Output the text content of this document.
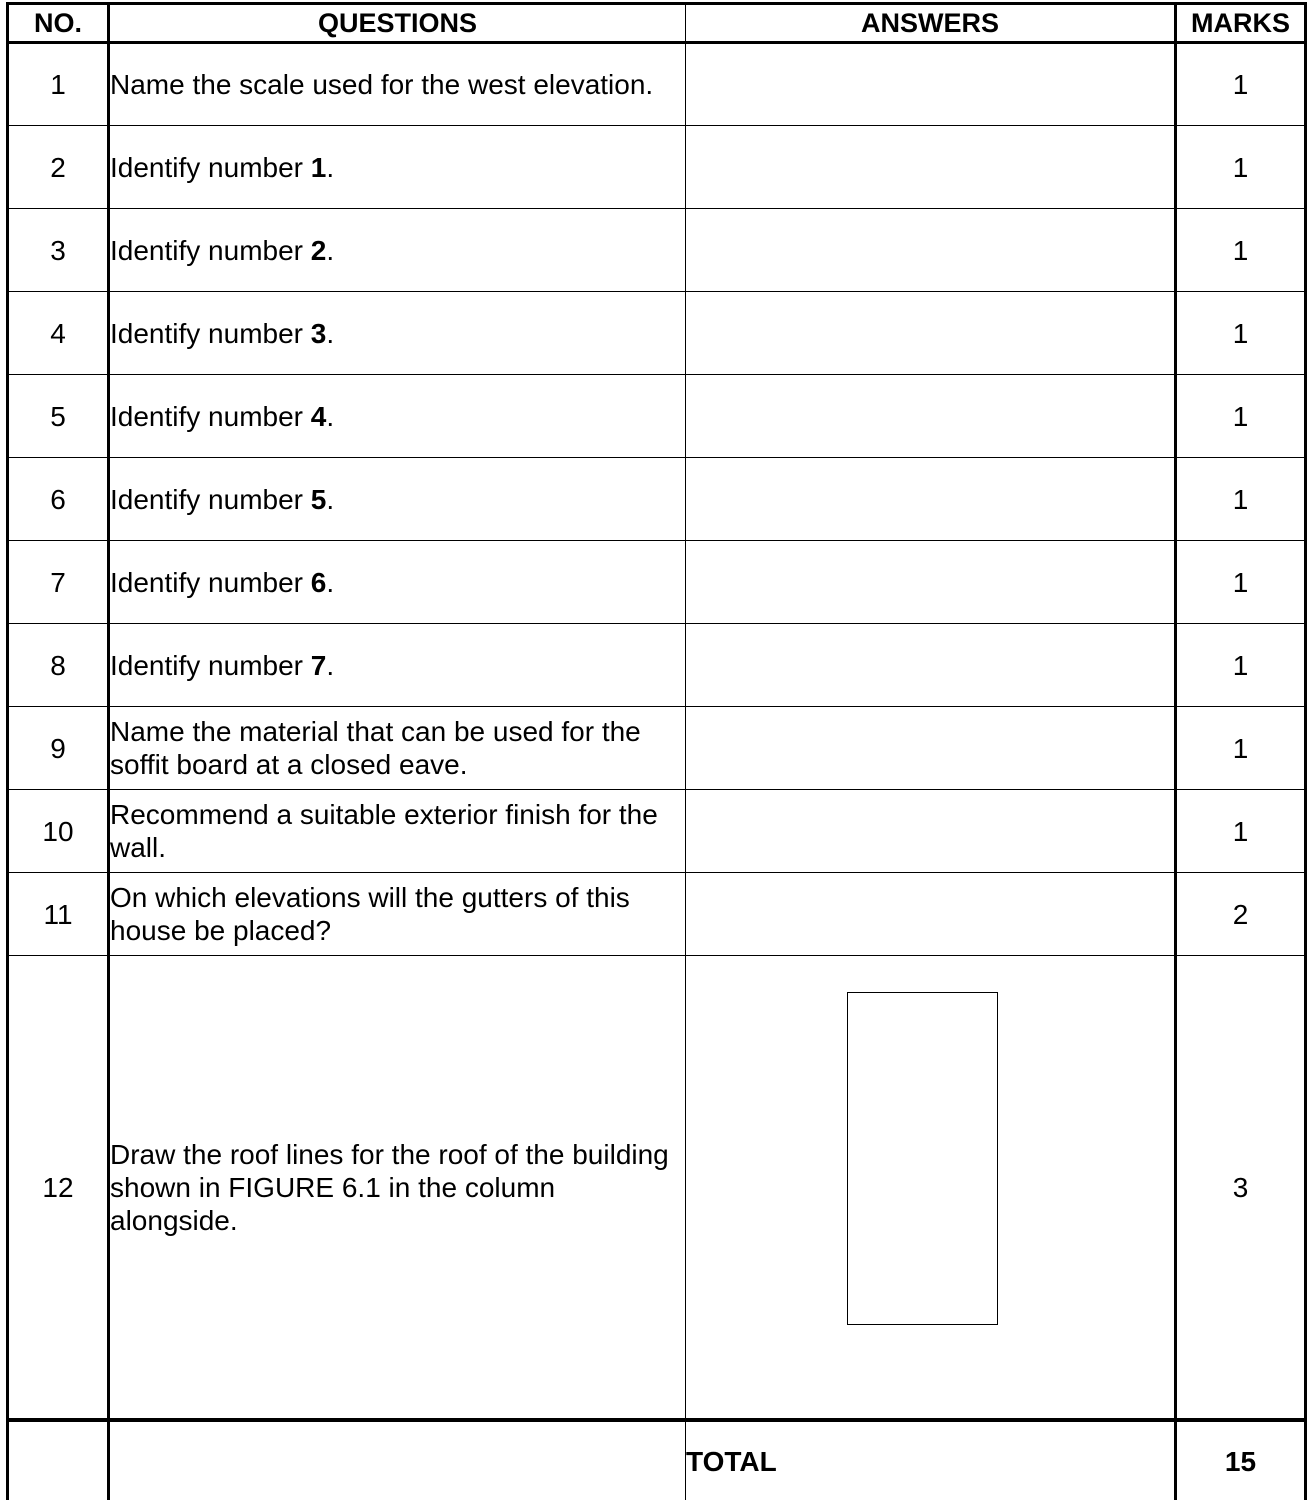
NO.	QUESTIONS	ANSWERS	MARKS
1	Name the scale used for the west elevation.		1
2	Identify number 1.		1
3	Identify number 2.		1
4	Identify number 3.		1
5	Identify number 4.		1
6	Identify number 5.		1
7	Identify number 6.		1
8	Identify number 7.		1
9	Name the material that can be used for the soffit board at a closed eave.		1
10	Recommend a suitable exterior finish for the wall.		1
11	On which elevations will the gutters of this house be placed?		2
12	Draw the roof lines for the roof of the building shown in FIGURE 6.1 in the column alongside.		3
		TOTAL	15
